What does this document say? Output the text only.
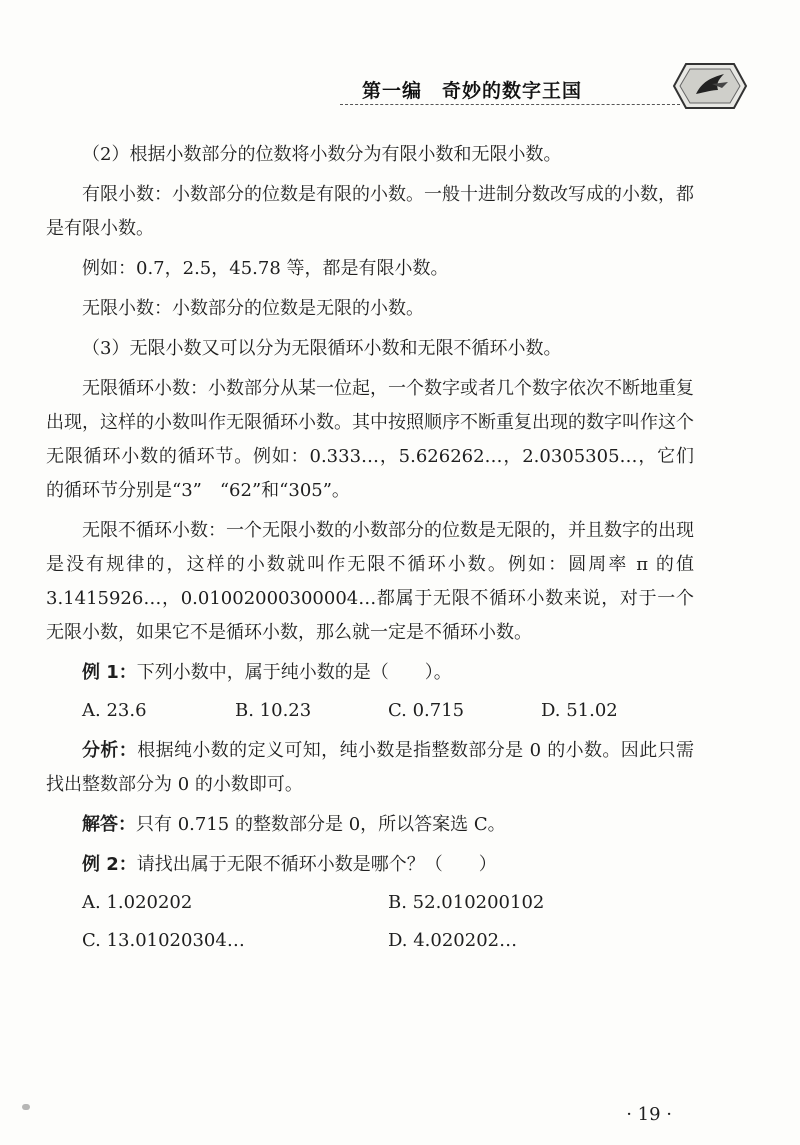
第一编　奇妙的数字王国

（2）根据小数部分的位数将小数分为有限小数和无限小数。

有限小数：小数部分的位数是有限的小数。一般十进制分数改写成的小数，都是有限小数。

例如：0.7，2.5，45.78 等，都是有限小数。

无限小数：小数部分的位数是无限的小数。

（3）无限小数又可以分为无限循环小数和无限不循环小数。

无限循环小数：小数部分从某一位起，一个数字或者几个数字依次不断地重复出现，这样的小数叫作无限循环小数。其中按照顺序不断重复出现的数字叫作这个无限循环小数的循环节。例如：0.333…，5.626262…，2.0305305…，它们的循环节分别是“3”　“62”和“305”。

无限不循环小数：一个无限小数的小数部分的位数是无限的，并且数字的出现是没有规律的，这样的小数就叫作无限不循环小数。例如：圆周率 π 的值 3.1415926…，0.01002000300004…都属于无限不循环小数来说，对于一个无限小数，如果它不是循环小数，那么就一定是不循环小数。

例 1：下列小数中，属于纯小数的是（　　）。

A. 23.6	B. 10.23	C. 0.715	D. 51.02

分析：根据纯小数的定义可知，纯小数是指整数部分是 0 的小数。因此只需找出整数部分为 0 的小数即可。

解答：只有 0.715 的整数部分是 0，所以答案选 C。

例 2：请找出属于无限不循环小数是哪个？（　　）

A. 1.020202	B. 52.010200102
C. 13.01020304…	D. 4.020202…
· 19 ·
